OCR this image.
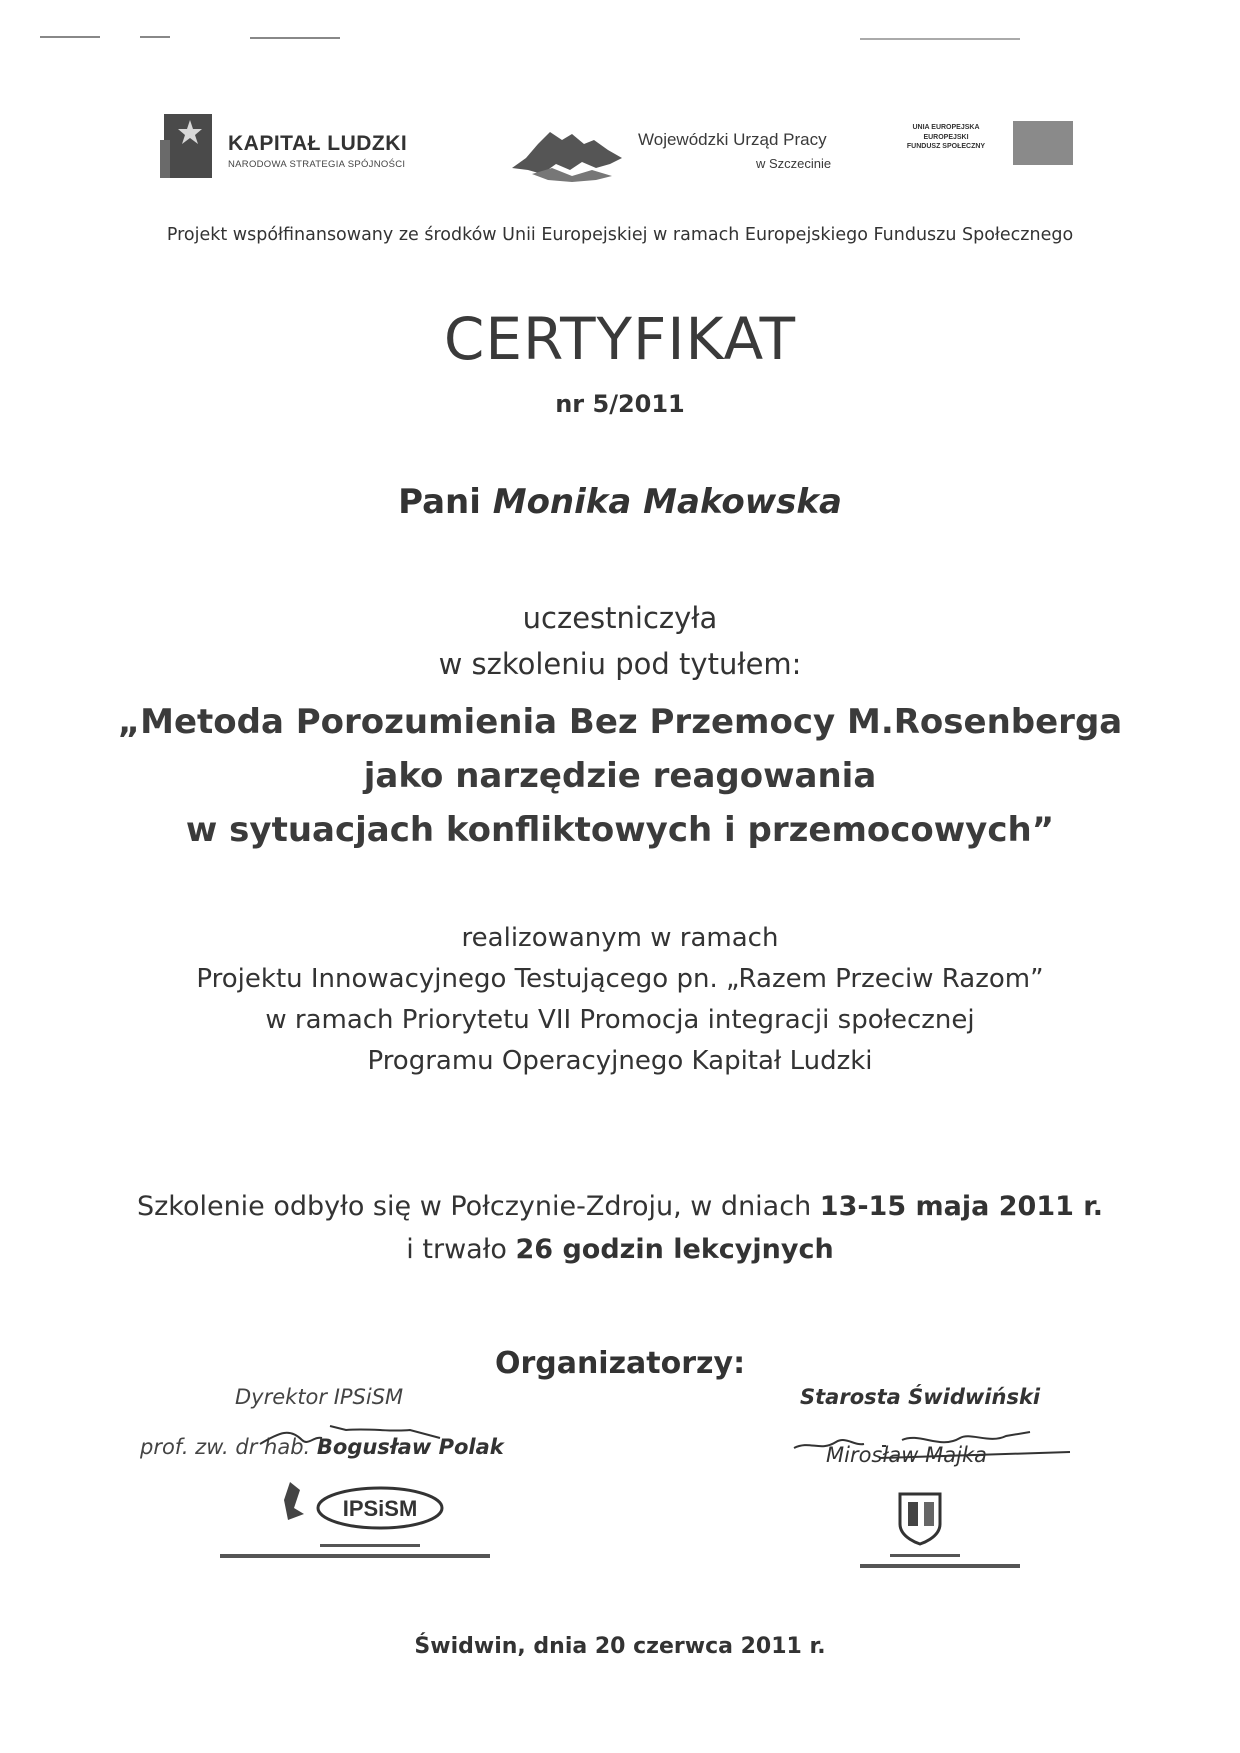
KAPITAŁ LUDZKI
NARODOWA STRATEGIA SPÓJNOŚCI
Wojewódzki Urząd Pracy
w Szczecinie
UNIA EUROPEJSKA
EUROPEJSKI
FUNDUSZ SPOŁECZNY
Projekt współfinansowany ze środków Unii Europejskiej w ramach Europejskiego Funduszu Społecznego
CERTYFIKAT
nr 5/2011
Pani Monika Makowska
uczestniczyła
w szkoleniu pod tytułem:
„Metoda Porozumienia Bez Przemocy M.Rosenberga
jako narzędzie reagowania
w sytuacjach konfliktowych i przemocowych”
realizowanym w ramach
Projektu Innowacyjnego Testującego pn. „Razem Przeciw Razom”
w ramach Priorytetu VII Promocja integracji społecznej
Programu Operacyjnego Kapitał Ludzki
Szkolenie odbyło się w Połczynie-Zdroju, w dniach 13-15 maja 2011 r.
i trwało 26 godzin lekcyjnych
Organizatorzy:
Dyrektor IPSiSM
prof. zw. dr hab. Bogusław Polak
IPSiSM
Starosta Świdwiński
Mirosław Majka
Świdwin, dnia 20 czerwca 2011 r.
